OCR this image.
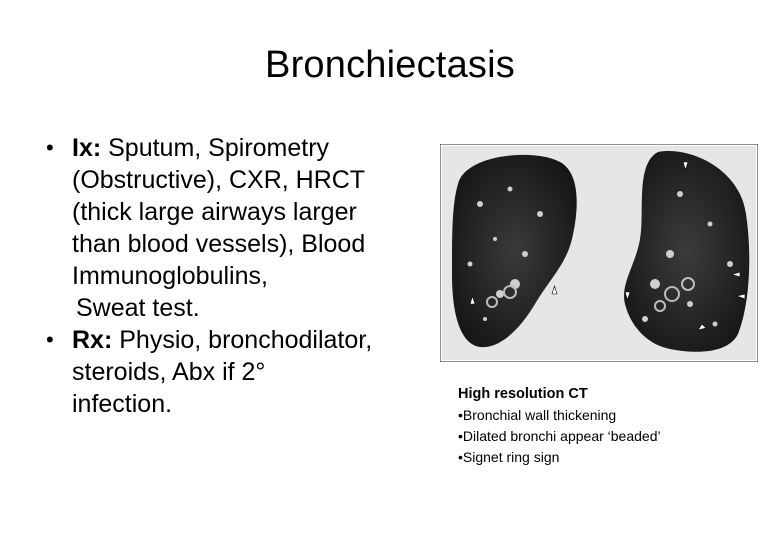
Bronchiectasis
• Ix: Sputum, Spirometry
(Obstructive), CXR, HRCT
(thick large airways larger
than blood vessels), Blood
Immunoglobulins,
Sweat test.
• Rx: Physio, bronchodilator,
steroids, Abx if 2°
infection.	High resolution CT
•Bronchial wall thickening
•Dilated bronchi appear ‘beaded’
•Signet ring sign
